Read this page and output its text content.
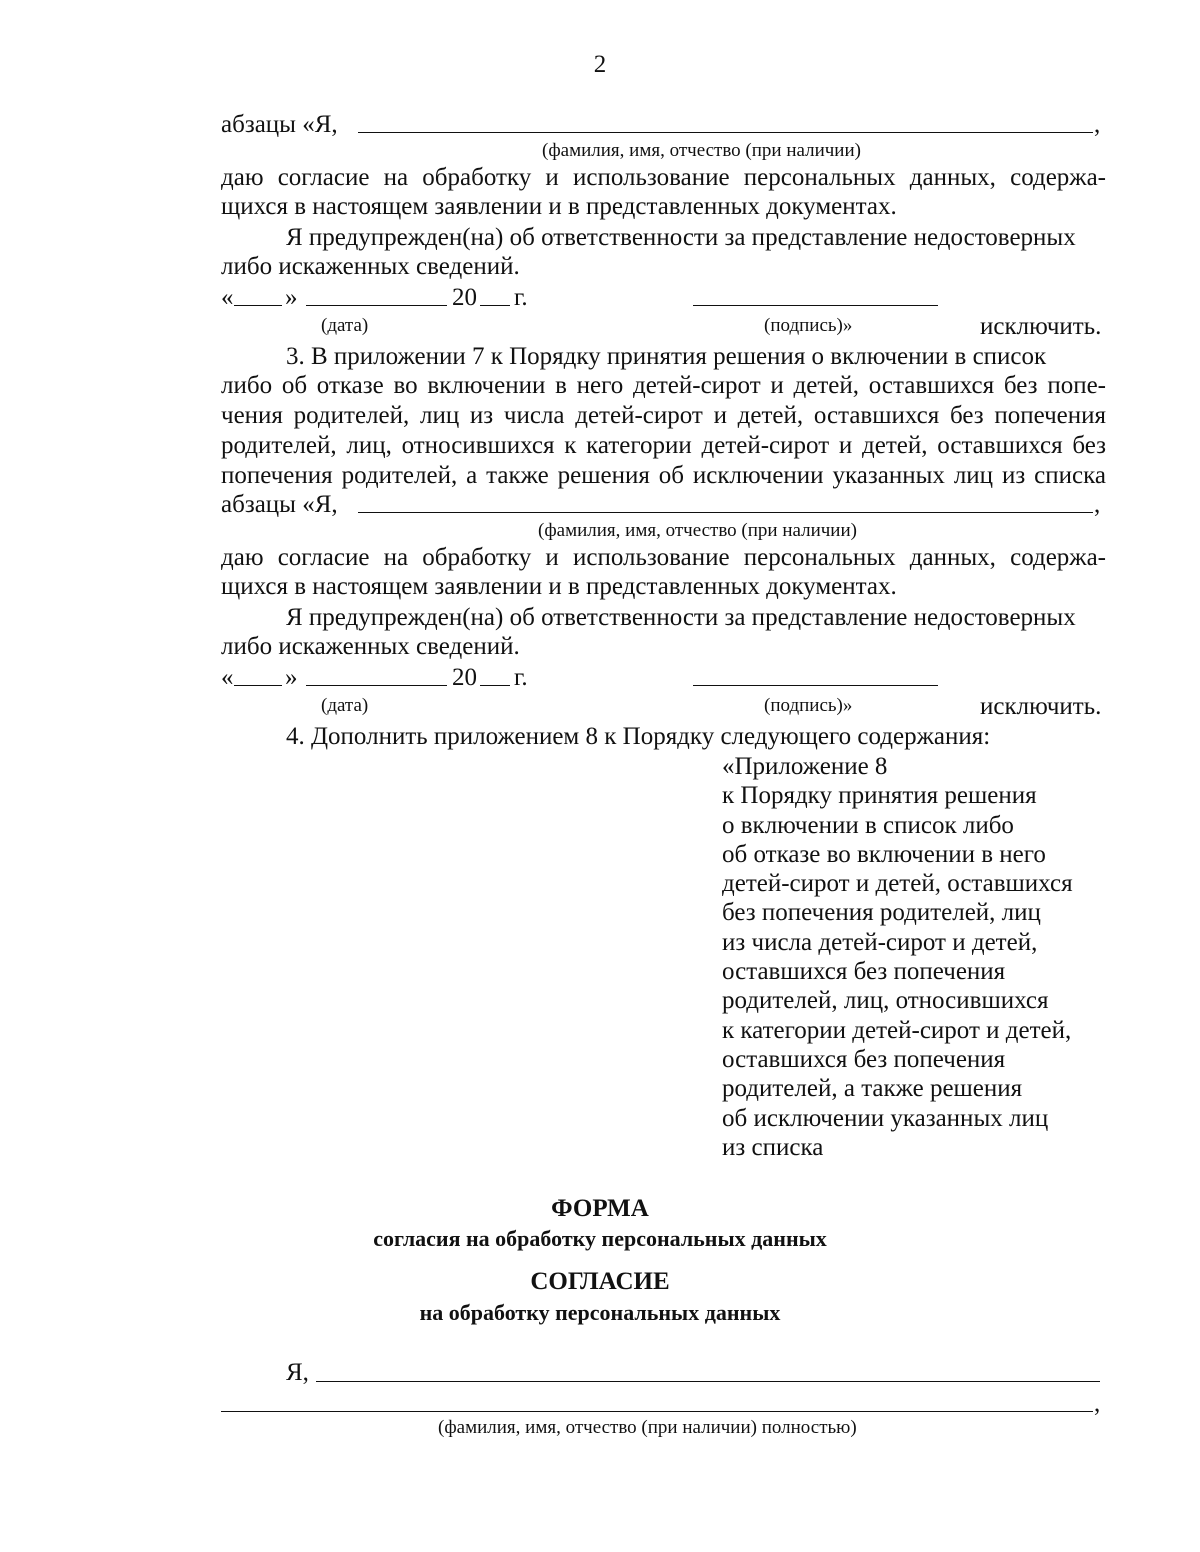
2
абзацы «Я,	,
(фамилия, имя, отчество (при наличии)
даю согласие на обработку и использование персональных данных, содержа-
щихся в настоящем заявлении и в представленных документах.
Я предупрежден(на) об ответственности за представление недостоверных
либо искаженных сведений.
« »	20 г.
(дата)	(подпись)»	исключить.
3. В приложении 7 к Порядку принятия решения о включении в список
либо об отказе во включении в него детей-сирот и детей, оставшихся без попе-
чения родителей, лиц из числа детей-сирот и детей, оставшихся без попечения
родителей, лиц, относившихся к категории детей-сирот и детей, оставшихся без
попечения родителей, а также решения об исключении указанных лиц из списка
абзацы «Я,	,
(фамилия, имя, отчество (при наличии)
даю согласие на обработку и использование персональных данных, содержа-
щихся в настоящем заявлении и в представленных документах.
Я предупрежден(на) об ответственности за представление недостоверных
либо искаженных сведений.
« »	20 г.
(дата)	(подпись)»	исключить.
4. Дополнить приложением 8 к Порядку следующего содержания:
«Приложение 8
к Порядку принятия решения
о включении в список либо
об отказе во включении в него
детей-сирот и детей, оставшихся
без попечения родителей, лиц
из числа детей-сирот и детей,
оставшихся без попечения
родителей, лиц, относившихся
к категории детей-сирот и детей,
оставшихся без попечения
родителей, а также решения
об исключении указанных лиц
из списка
ФОРМА
согласия на обработку персональных данных
СОГЛАСИЕ
на обработку персональных данных
Я,
,
(фамилия, имя, отчество (при наличии) полностью)
